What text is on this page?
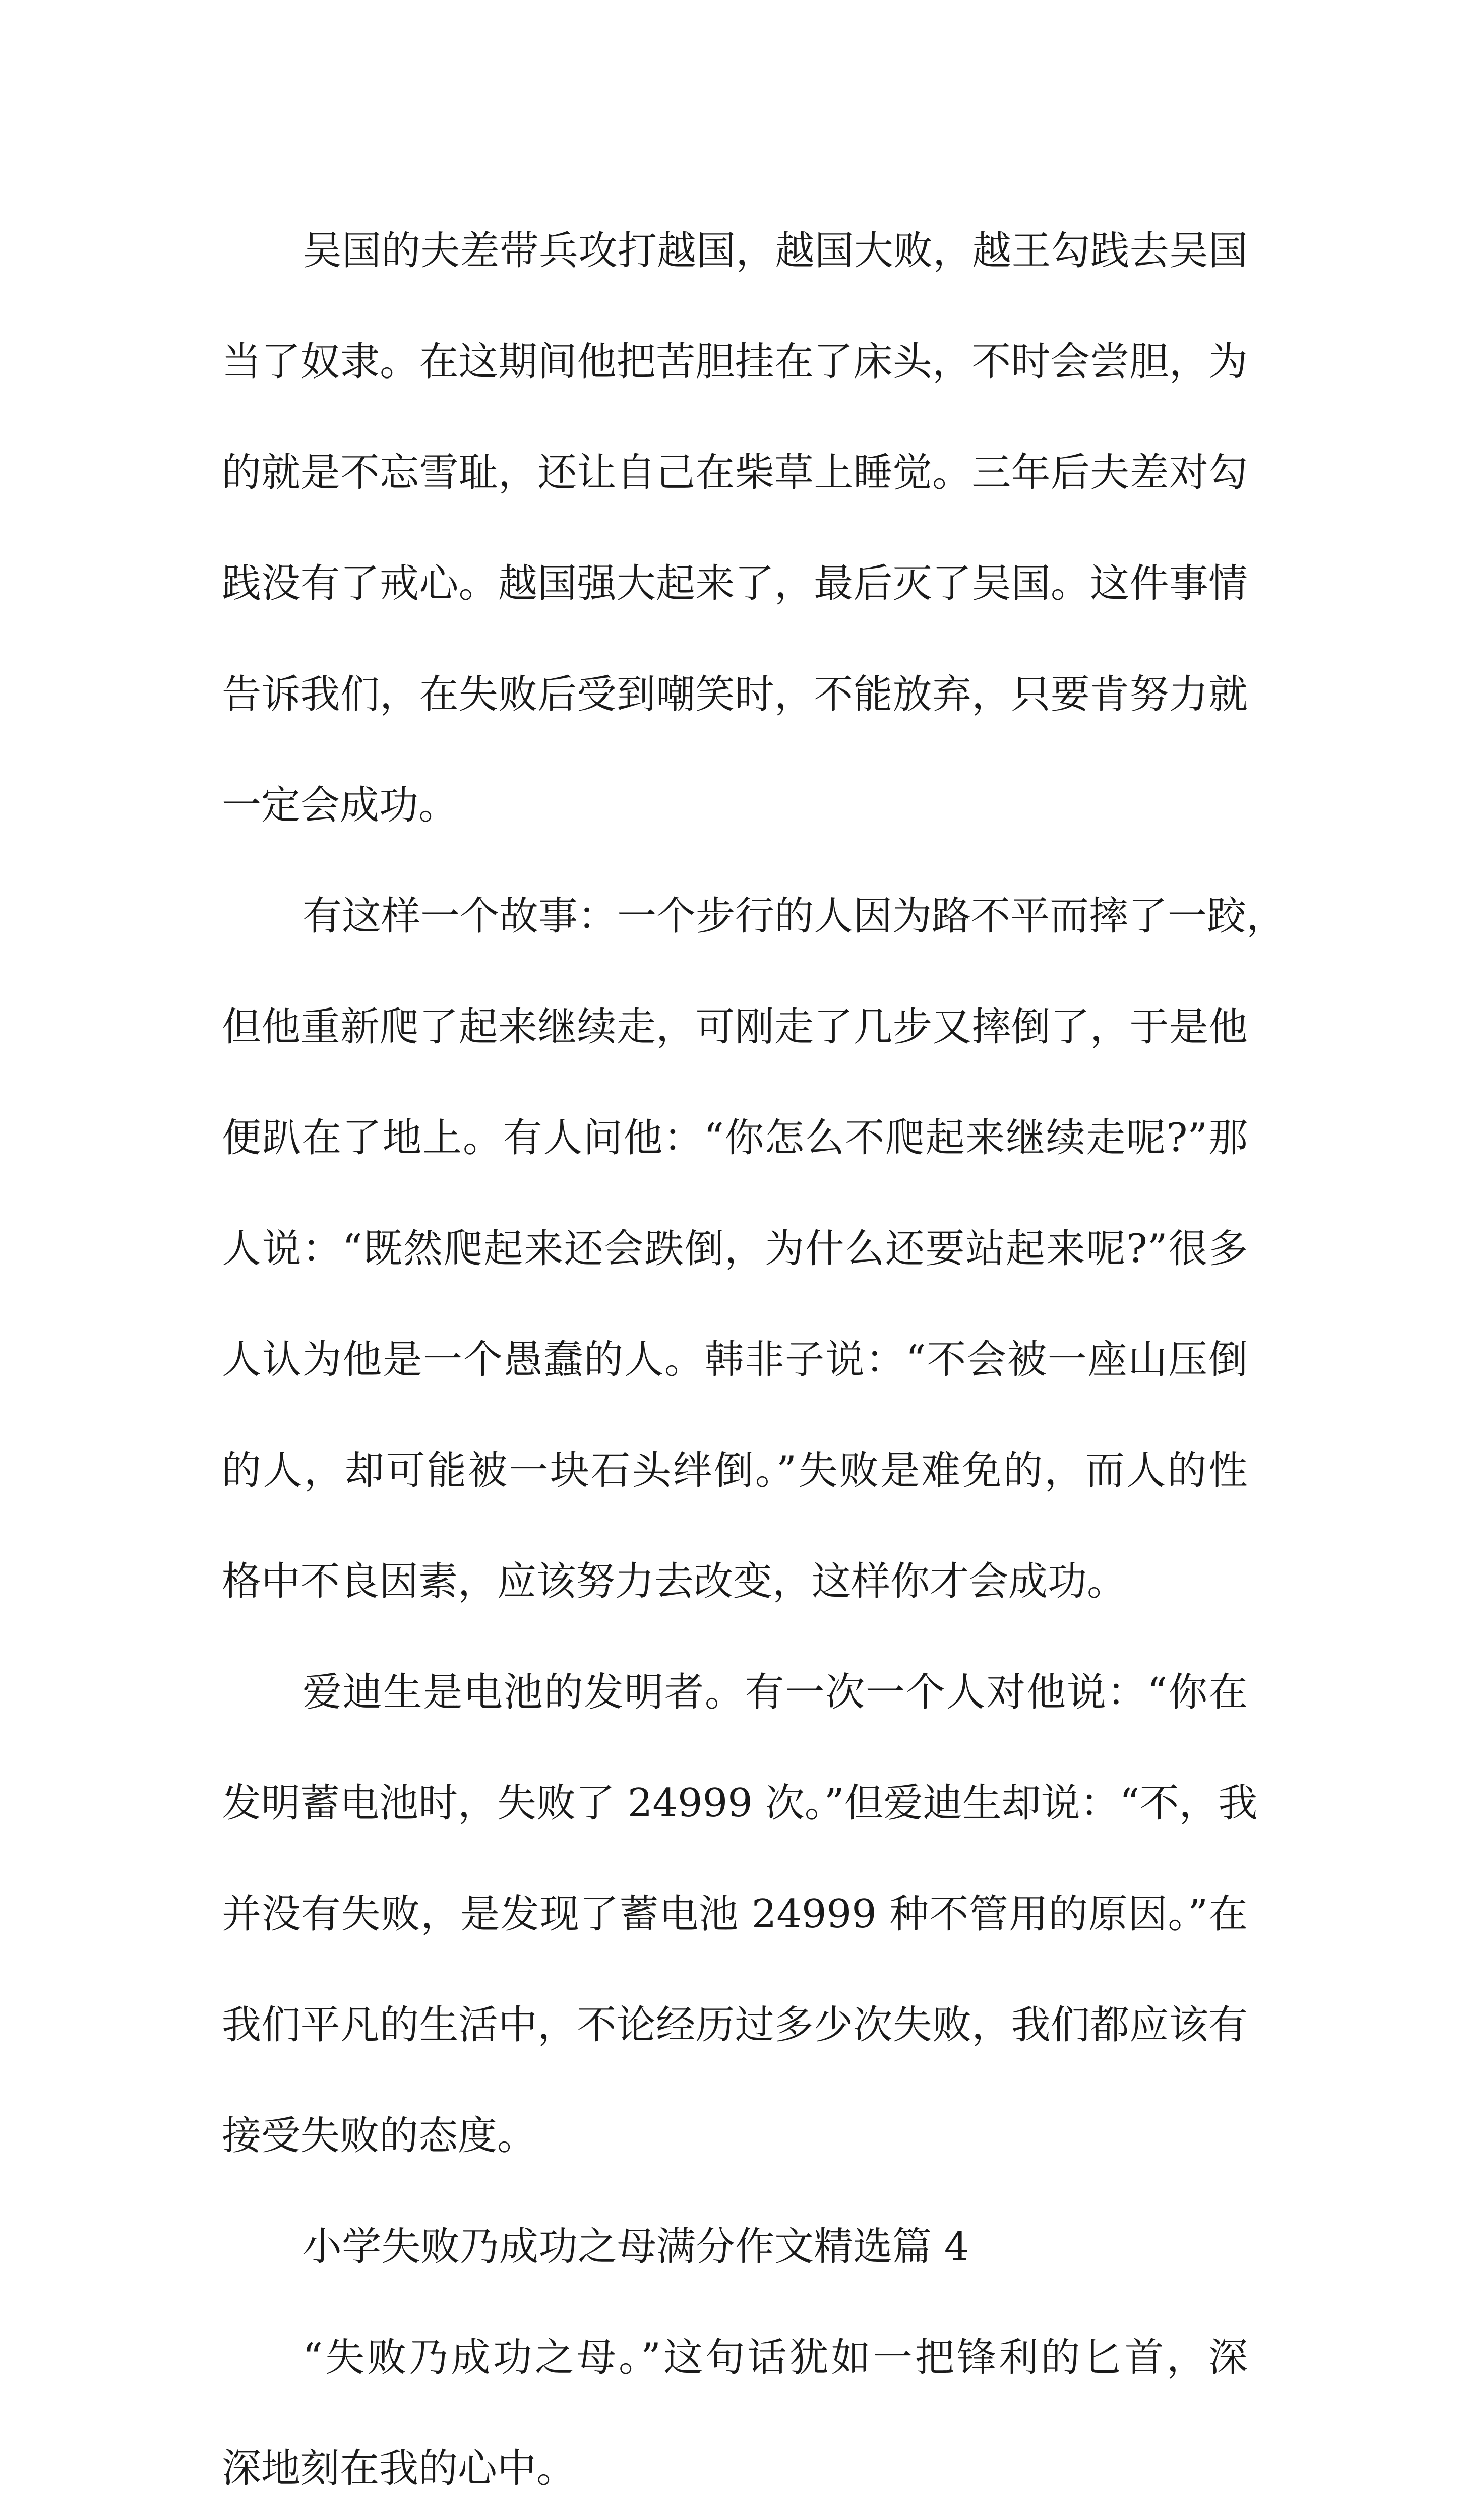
吴国的夫差带兵攻打越国，越国大败，越王勾践去吴国
当了奴隶。在这期间他把苦胆挂在了床头，不时会尝胆，为
的就是不忘雪耻，还让自己在柴草上睡觉。三年后夫差对勾
践没有了戒心。越国强大起来了，最后灭了吴国。这件事情
告诉我们，在失败后受到嘲笑时，不能放弃，只要肯努力就
一定会成功。
有这样一个故事：一个步行的人因为路不平而摔了一跤，
但他重新爬了起来继续走，可刚走了几步又摔倒了，于是他
便趴在了地上。有人问他：“你怎么不爬起来继续走呢?”那
人说：“既然爬起来还会跌倒，为什么还要站起来呢?”很多
人认为他是一个愚蠢的人。韩非子说：“不会被一座山压倒
的人，却可能被一块石头绊倒。”失败是难免的，而人的性
格中不良因素，应该努力去改变，这样你才会成功。
爱迪生是电池的发明者。有一次一个人对他说：“你在
发明蓄电池时，失败了 24999 次。”但爱迪生却说：“不，我
并没有失败，是发现了蓄电池 24999 种不管用的原因。”在
我们平凡的生活中，不论经历过多少次失败，我们都应该有
接受失败的态度。
小学失败乃成功之母满分作文精选篇 4
“失败乃成功之母。”这句话犹如一把锋利的匕首，深
深地刻在我的心中。
